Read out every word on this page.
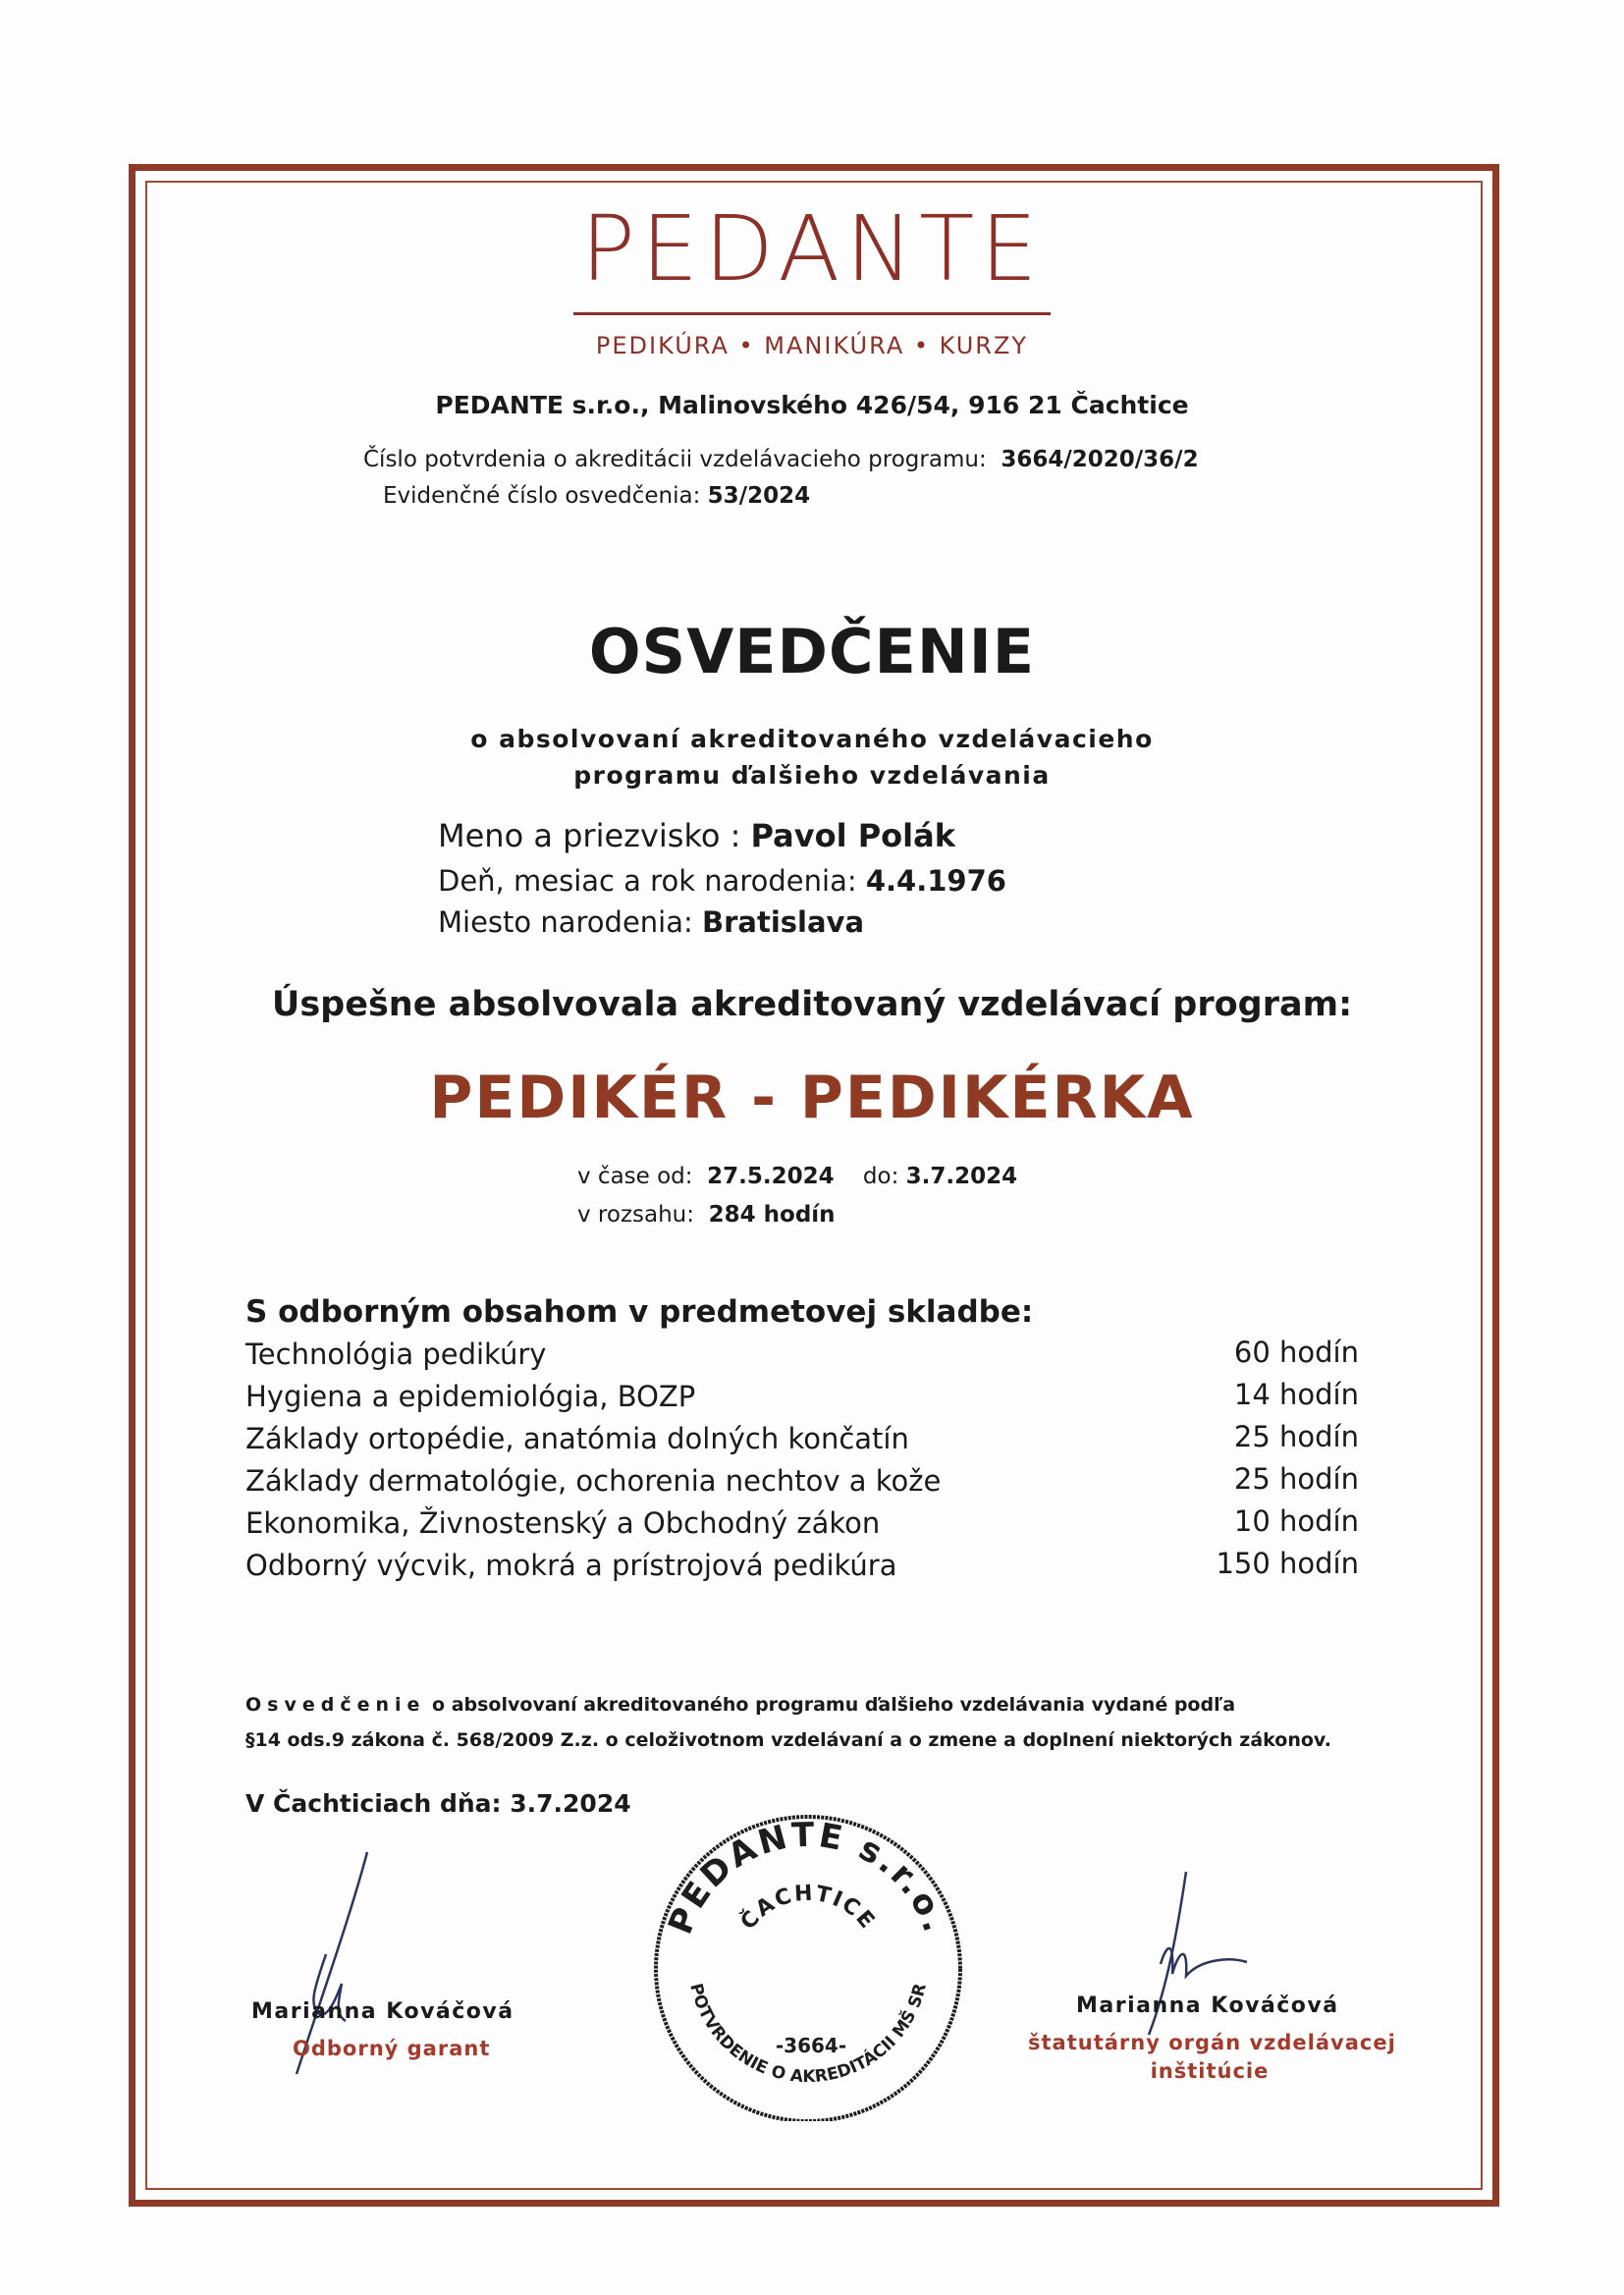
PEDANTE
PEDIKÚRA • MANIKÚRA • KURZY
PEDANTE s.r.o., Malinovského 426/54, 916 21 Čachtice
Číslo potvrdenia o akreditácii vzdelávacieho programu: 3664/2020/36/2
Evidenčné číslo osvedčenia: 53/2024
OSVEDČENIE
o absolvovaní akreditovaného vzdelávacieho
programu ďalšieho vzdelávania
Meno a priezvisko : Pavol Polák
Deň, mesiac a rok narodenia: 4.4.1976
Miesto narodenia: Bratislava
Úspešne absolvovala akreditovaný vzdelávací program:
PEDIKÉR - PEDIKÉRKA
v čase od: 27.5.2024 do: 3.7.2024
v rozsahu: 284 hodín
S odborným obsahom v predmetovej skladbe:
Technológia pedikúry	60 hodín
Hygiena a epidemiológia, BOZP	14 hodín
Základy ortopédie, anatómia dolných končatín	25 hodín
Základy dermatológie, ochorenia nechtov a kože	25 hodín
Ekonomika, Živnostenský a Obchodný zákon	10 hodín
Odborný výcvik, mokrá a prístrojová pedikúra	150 hodín
Osvedčenie o absolvovaní akreditovaného programu ďalšieho vzdelávania vydané podľa
§14 ods.9 zákona č. 568/2009 Z.z. o celoživotnom vzdelávaní a o zmene a doplnení niektorých zákonov.
V Čachticiach dňa: 3.7.2024
Marianna Kováčová
Odborný garant
Marianna Kováčová
štatutárny orgán vzdelávacej
inštitúcie
PEDANTE s.r.o.
ČACHTICE
-3664-
POTVRDENIE O AKREDITÁCII MŠ SR
